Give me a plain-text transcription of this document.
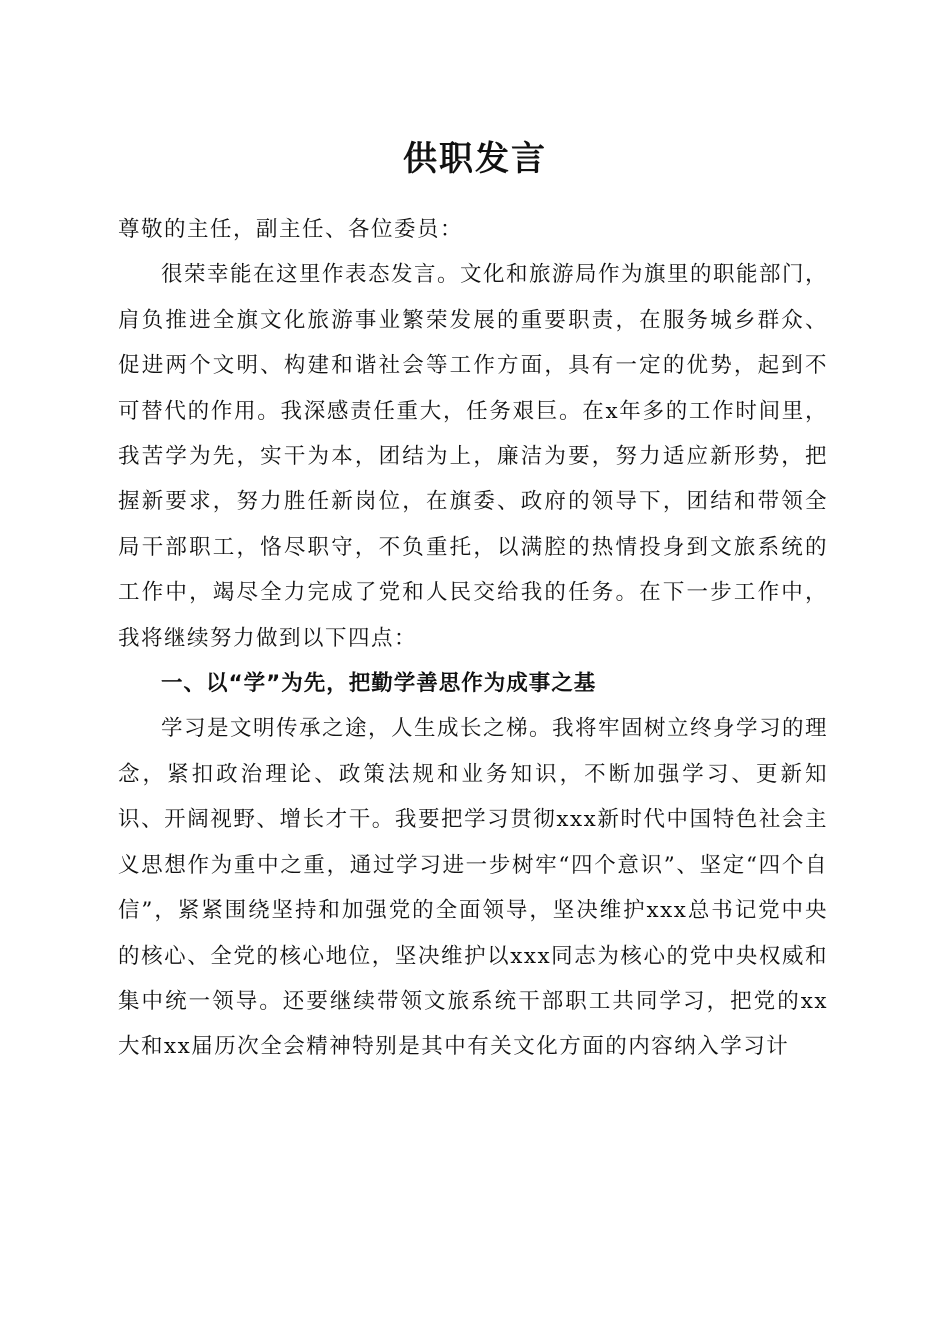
供职发言

尊敬的主任，副主任、各位委员：

很荣幸能在这里作表态发言。文化和旅游局作为旗里的职能部门，肩负推进全旗文化旅游事业繁荣发展的重要职责，在服务城乡群众、促进两个文明、构建和谐社会等工作方面，具有一定的优势，起到不可替代的作用。我深感责任重大，任务艰巨。在x年多的工作时间里，我苦学为先，实干为本，团结为上，廉洁为要，努力适应新形势，把握新要求，努力胜任新岗位，在旗委、政府的领导下，团结和带领全局干部职工，恪尽职守，不负重托，以满腔的热情投身到文旅系统的工作中，竭尽全力完成了党和人民交给我的任务。在下一步工作中，我将继续努力做到以下四点：

一、以“学”为先，把勤学善思作为成事之基

学习是文明传承之途，人生成长之梯。我将牢固树立终身学习的理念，紧扣政治理论、政策法规和业务知识，不断加强学习、更新知识、开阔视野、增长才干。我要把学习贯彻xxx新时代中国特色社会主义思想作为重中之重，通过学习进一步树牢“四个意识”、坚定“四个自信”，紧紧围绕坚持和加强党的全面领导，坚决维护xxx总书记党中央的核心、全党的核心地位，坚决维护以xxx同志为核心的党中央权威和集中统一领导。还要继续带领文旅系统干部职工共同学习，把党的xx大和xx届历次全会精神特别是其中有关文化方面的内容纳入学习计
